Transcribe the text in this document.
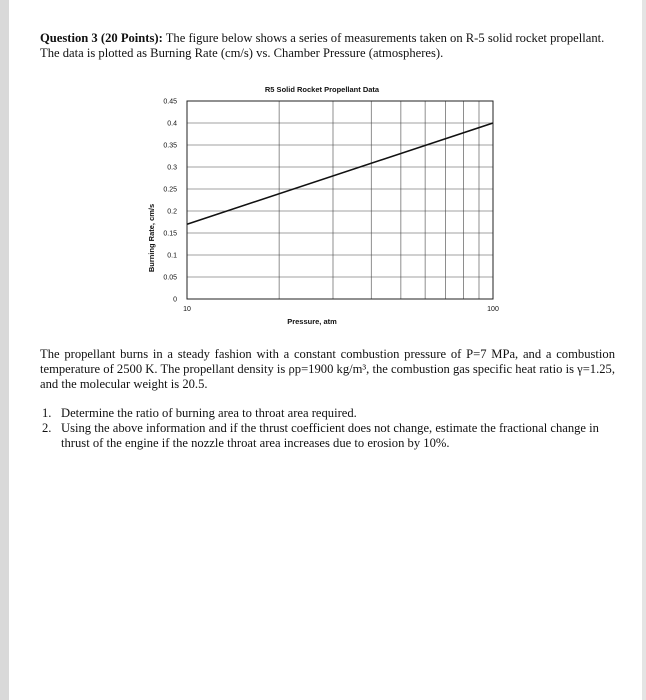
Question 3 (20 Points): The figure below shows a series of measurements taken on R-5 solid rocket propellant. The data is plotted as Burning Rate (cm/s) vs. Chamber Pressure (atmospheres).
R5 Solid Rocket Propellant Data
Pressure, atm
Burning Rate, cm/s
0
0.05
0.1
0.15
0.2
0.25
0.3
0.35
0.4
0.45
10	100
The propellant burns in a steady fashion with a constant combustion pressure of P=7 MPa, and a combustion temperature of 2500 K. The propellant density is ρp=1900 kg/m³, the combustion gas specific heat ratio is γ=1.25, and the molecular weight is 20.5.
1. Determine the ratio of burning area to throat area required.
2. Using the above information and if the thrust coefficient does not change, estimate the fractional change in thrust of the engine if the nozzle throat area increases due to erosion by 10%.
